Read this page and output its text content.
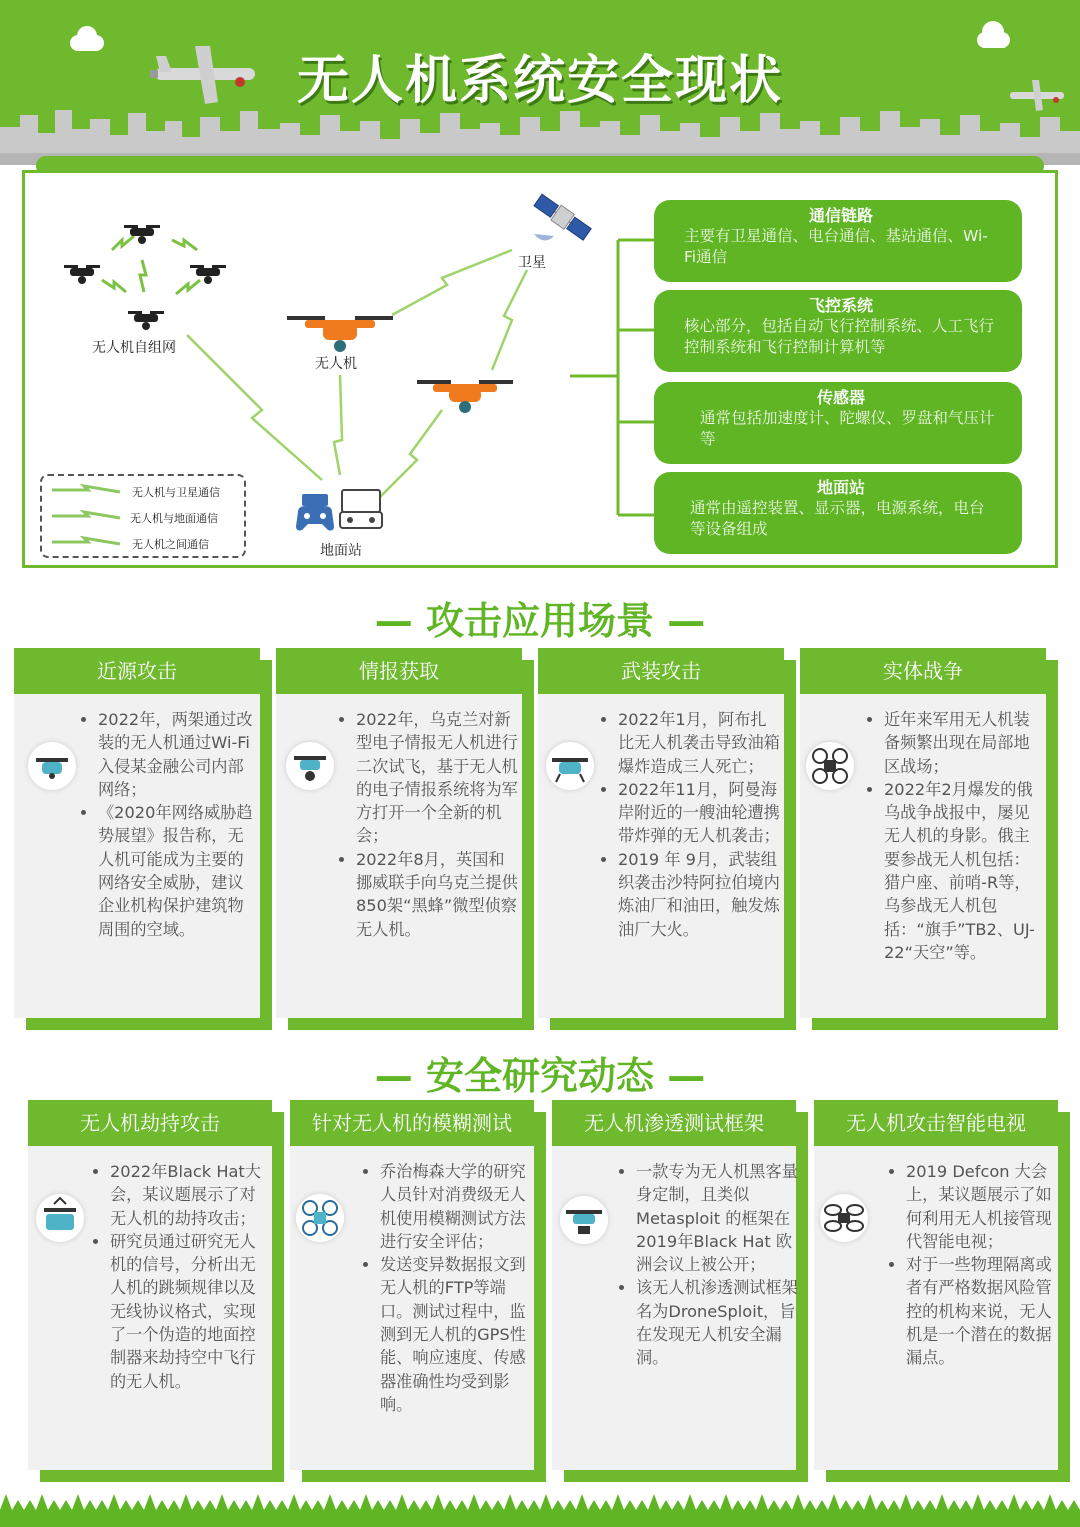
无人机系统安全现状
无人机自组网
无人机
卫星
地面站
无人机与卫星通信
无人机与地面通信
无人机之间通信
通信链路
主要有卫星通信、电台通信、基站通信、Wi-Fi通信
飞控系统
核心部分，包括自动飞行控制系统、人工飞行控制系统和飞行控制计算机等
传感器
通常包括加速度计、陀螺仪、罗盘和气压计等
地面站
通常由遥控装置、显示器，电源系统，电台等设备组成
— 攻击应用场景 —
近源攻击
• 2022年，两架通过改装的无人机通过Wi-Fi入侵某金融公司内部网络；
• 《2020年网络威胁趋势展望》报告称，无人机可能成为主要的网络安全威胁，建议企业机构保护建筑物周围的空域。
情报获取
• 2022年，乌克兰对新型电子情报无人机进行二次试飞，基于无人机的电子情报系统将为军方打开一个全新的机会；
• 2022年8月，英国和挪威联手向乌克兰提供850架“黑蜂”微型侦察无人机。
武装攻击
• 2022年1月，阿布扎比无人机袭击导致油箱爆炸造成三人死亡；
• 2022年11月，阿曼海岸附近的一艘油轮遭携带炸弹的无人机袭击；
• 2019 年 9月，武装组织袭击沙特阿拉伯境内炼油厂和油田，触发炼油厂大火。
实体战争
• 近年来军用无人机装备频繁出现在局部地区战场；
• 2022年2月爆发的俄乌战争战报中，屡见无人机的身影。俄主要参战无人机包括：猎户座、前哨-R等，乌参战无人机包括：“旗手”TB2、UJ-22“天空”等。
— 安全研究动态 —
无人机劫持攻击
• 2022年Black Hat大会，某议题展示了对无人机的劫持攻击；
• 研究员通过研究无人机的信号，分析出无人机的跳频规律以及无线协议格式，实现了一个伪造的地面控制器来劫持空中飞行的无人机。
针对无人机的模糊测试
• 乔治梅森大学的研究人员针对消费级无人机使用模糊测试方法进行安全评估；
• 发送变异数据报文到无人机的FTP等端口。测试过程中，监测到无人机的GPS性能、响应速度、传感器准确性均受到影响。
无人机渗透测试框架
• 一款专为无人机黑客量身定制，且类似Metasploit 的框架在2019年Black Hat 欧洲会议上被公开；
• 该无人机渗透测试框架名为DroneSploit，旨在发现无人机安全漏洞。
无人机攻击智能电视
• 2019 Defcon 大会上，某议题展示了如何利用无人机接管现代智能电视；
• 对于一些物理隔离或者有严格数据风险管控的机构来说，无人机是一个潜在的数据漏点。
